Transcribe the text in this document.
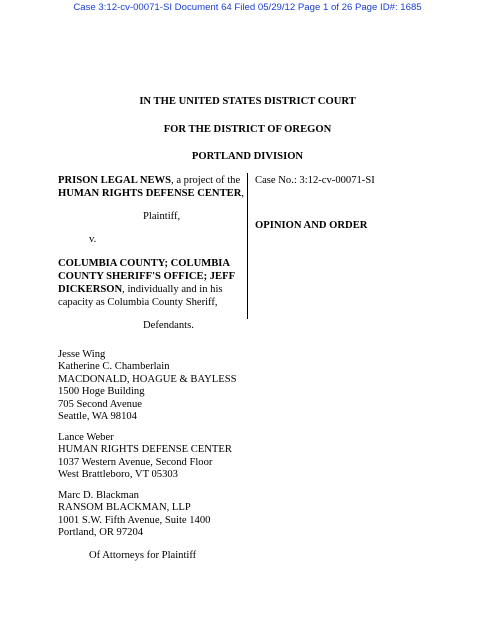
Case 3:12-cv-00071-SI Document 64 Filed 05/29/12 Page 1 of 26 Page ID#: 1685
IN THE UNITED STATES DISTRICT COURT
FOR THE DISTRICT OF OREGON
PORTLAND DIVISION
PRISON LEGAL NEWS, a project of the
HUMAN RIGHTS DEFENSE CENTER,
Plaintiff,
v.
COLUMBIA COUNTY; COLUMBIA
COUNTY SHERIFF'S OFFICE; JEFF
DICKERSON, individually and in his
capacity as Columbia County Sheriff,
Defendants.
Case No.: 3:12-cv-00071-SI
OPINION AND ORDER
Jesse Wing
Katherine C. Chamberlain
MACDONALD, HOAGUE & BAYLESS
1500 Hoge Building
705 Second Avenue
Seattle, WA 98104
Lance Weber
HUMAN RIGHTS DEFENSE CENTER
1037 Western Avenue, Second Floor
West Brattleboro, VT 05303
Marc D. Blackman
RANSOM BLACKMAN, LLP
1001 S.W. Fifth Avenue, Suite 1400
Portland, OR 97204
Of Attorneys for Plaintiff
